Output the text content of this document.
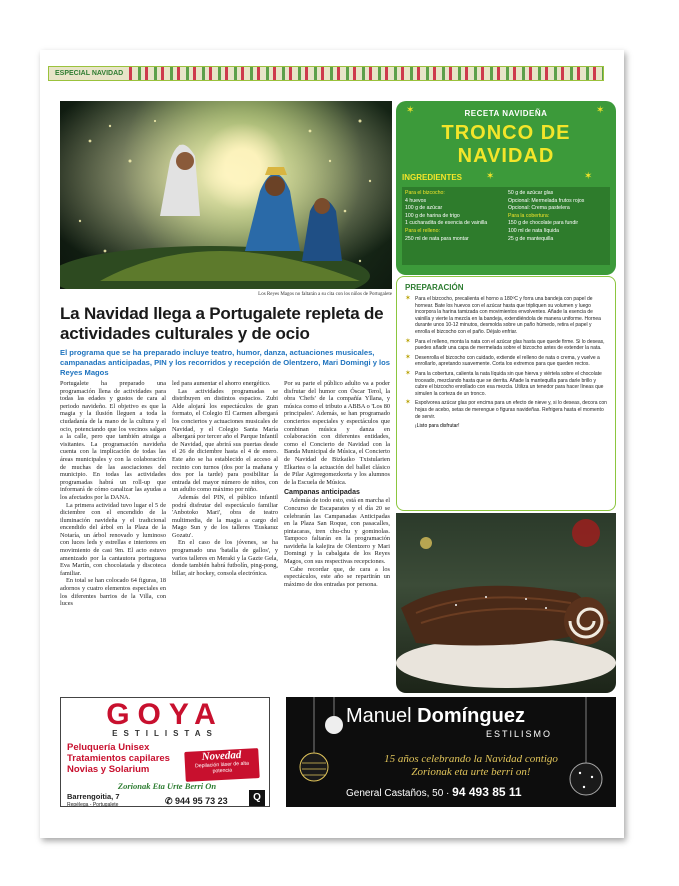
ESPECIAL NAVIDAD
Los Reyes Magos no faltarán a su cita con los niños de Portugalete
La Navidad llega a Portugalete repleta de actividades culturales y de ocio
El programa que se ha preparado incluye teatro, humor, danza, actuaciones musicales, campanadas anticipadas, PIN y los recorridos y recepción de Olentzero, Mari Domingi y los Reyes Magos

Portugalete ha preparado una programación llena de actividades para todas las edades y gustos de cara al periodo navideño. El objetivo es que la magia y la ilusión lleguen a toda la ciudadanía de la mano de la cultura y el ocio, potenciando que los vecinos salgan a la calle, pero que también atraiga a visitantes. La programación navideña cuenta con la implicación de todas las áreas municipales y con la colaboración de muchas de las asociaciones del municipio. En todas las actividades programadas habrá un roll-up que informará de cómo canalizar las ayudas a los afectados por la DANA.

La primera actividad tuvo lugar el 5 de diciembre con el encendido de la iluminación navideña y el tradicional encendido del árbol en la Plaza de la Notaría, un árbol renovado y luminoso con luces leds y estrellas e interiores en movimiento de casi 9m. El acto estuvo amenizado por la cantautora portuguesa Eva Martín, con chocolatada y discoteca familiar.

En total se han colocado 64 figuras, 18 adornos y cuatro elementos especiales en los diferentes barrios de la Villa, con luces

led para aumentar el ahorro energético.

Las actividades programadas se distribuyen en distintos espacios. Zubi Alde alojará los espectáculos de gran formato, el Colegio El Carmen albergará los conciertos y actuaciones musicales de Navidad, y el Colegio Santa María albergará por tercer año el Parque Infantil de Navidad, que abrirá sus puertas desde el 26 de diciembre hasta el 4 de enero. Este año se ha establecido el acceso al recinto con turnos (dos por la mañana y dos por la tarde) para posibilitar la entrada del mayor número de niños, con un adulto como máximo por niño.

Además del PIN, el público infantil podrá disfrutar del espectáculo familiar 'Anbotoko Mari', obra de teatro multimedia, de la magia a cargo del Mago Sun y de los talleres 'Euskaraz Gozatu'.

En el caso de los jóvenes, se ha programado una 'batalla de gallos', y varios talleres en Meraki y la Gazte Gela, donde también habrá futbolín, ping-pong, billar, air hockey, consola electrónica.

Por su parte el público adulto va a poder disfrutar del humor con Óscar Terol, la obra 'Chefs' de la compañía Yllana, y música como el tributo a ABBA o 'Los 80 principales'. Además, se han programado conciertos especiales y espectáculos que combinan música y danza en colaboración con diferentes entidades, como el Concierto de Navidad con la Banda Municipal de Música, el Concierto de Navidad de Bizkaiko Txistularien Elkartea o la actuación del ballet clásico de Pilar Agirregomezkorta y los alumnos de la Escuela de Música.

Campanas anticipadas

Además de todo esto, está en marcha el Concurso de Escaparates y el día 20 se celebrarán las Campanadas Anticipadas en la Plaza San Roque, con pasacalles, pintacaras, tren chu-chu y gominolas. Tampoco faltarán en la programación navideña la kalejira de Olentzero y Mari Domingi y la cabalgata de los Reyes Magos, con sus respectivas recepciones.

Cabe recordar que, de cara a los espectáculos, este año se repartirán un máximo de dos entradas por persona.

✶	✶
RECETA NAVIDEÑA
TRONCO DE NAVIDAD
INGREDIENTES ✶	✶
Para el bizcocho:
4 huevos
100 g de azúcar
100 g de harina de trigo
1 cucharadita de esencia de vainilla
Para el relleno:
250 ml de nata para montar
50 g de azúcar glas
Opcional: Mermelada frutos rojos
Opcional: Crema pastelera
Para la cobertura:
150 g de chocolate para fundir
100 ml de nata líquida
25 g de mantequilla
PREPARACIÓN
✶ Para el bizcocho, precalienta el horno a 180ºC y forra una bandeja con papel de hornear. Bate los huevos con el azúcar hasta que tripliquen su volumen y luego incorpora la harina tamizada con movimientos envolventes. Añade la esencia de vainilla y vierte la mezcla en la bandeja, extendiéndola de manera uniforme. Hornea durante unos 10-12 minutos, desmolda sobre un paño húmedo, retira el papel y enrolla el bizcocho con el paño. Déjalo enfriar.
✶ Para el relleno, monta la nata con el azúcar glas hasta que quede firme. Si lo deseas, puedes añadir una capa de mermelada sobre el bizcocho antes de extender la nata.
✶ Desenrolla el bizcocho con cuidado, extiende el relleno de nata o crema, y vuelve a enrollarlo, apretando suavemente. Corta los extremos para que queden rectos.
✶ Para la cobertura, calienta la nata líquida sin que hierva y viértela sobre el chocolate troceado, mezclando hasta que se derrita. Añade la mantequilla para darle brillo y cubre el bizcocho enrollado con esa mezcla. Utiliza un tenedor para hacer líneas que simulen la corteza de un tronco.
✶ Espolvorea azúcar glas por encima para un efecto de nieve y, si lo deseas, decora con hojas de acebo, setas de merengue o figuras navideñas. Refrigera hasta el momento de servir.
¡Listo para disfrutar!
GOYA
ESTILISTAS
Peluquería Unisex
Tratamientos capilares
Novias y Solarium
Novedad
Depilación láser de alta potencia
Zorionak Eta Urte Berri On
Barrengoitia, 7
Repélega - Portugalete	✆ 944 95 73 23	Q
Manuel Domínguez
ESTILISMO
15 años celebrando la Navidad contigo
Zorionak eta urte berri on!
General Castaños, 50 · 94 493 85 11
